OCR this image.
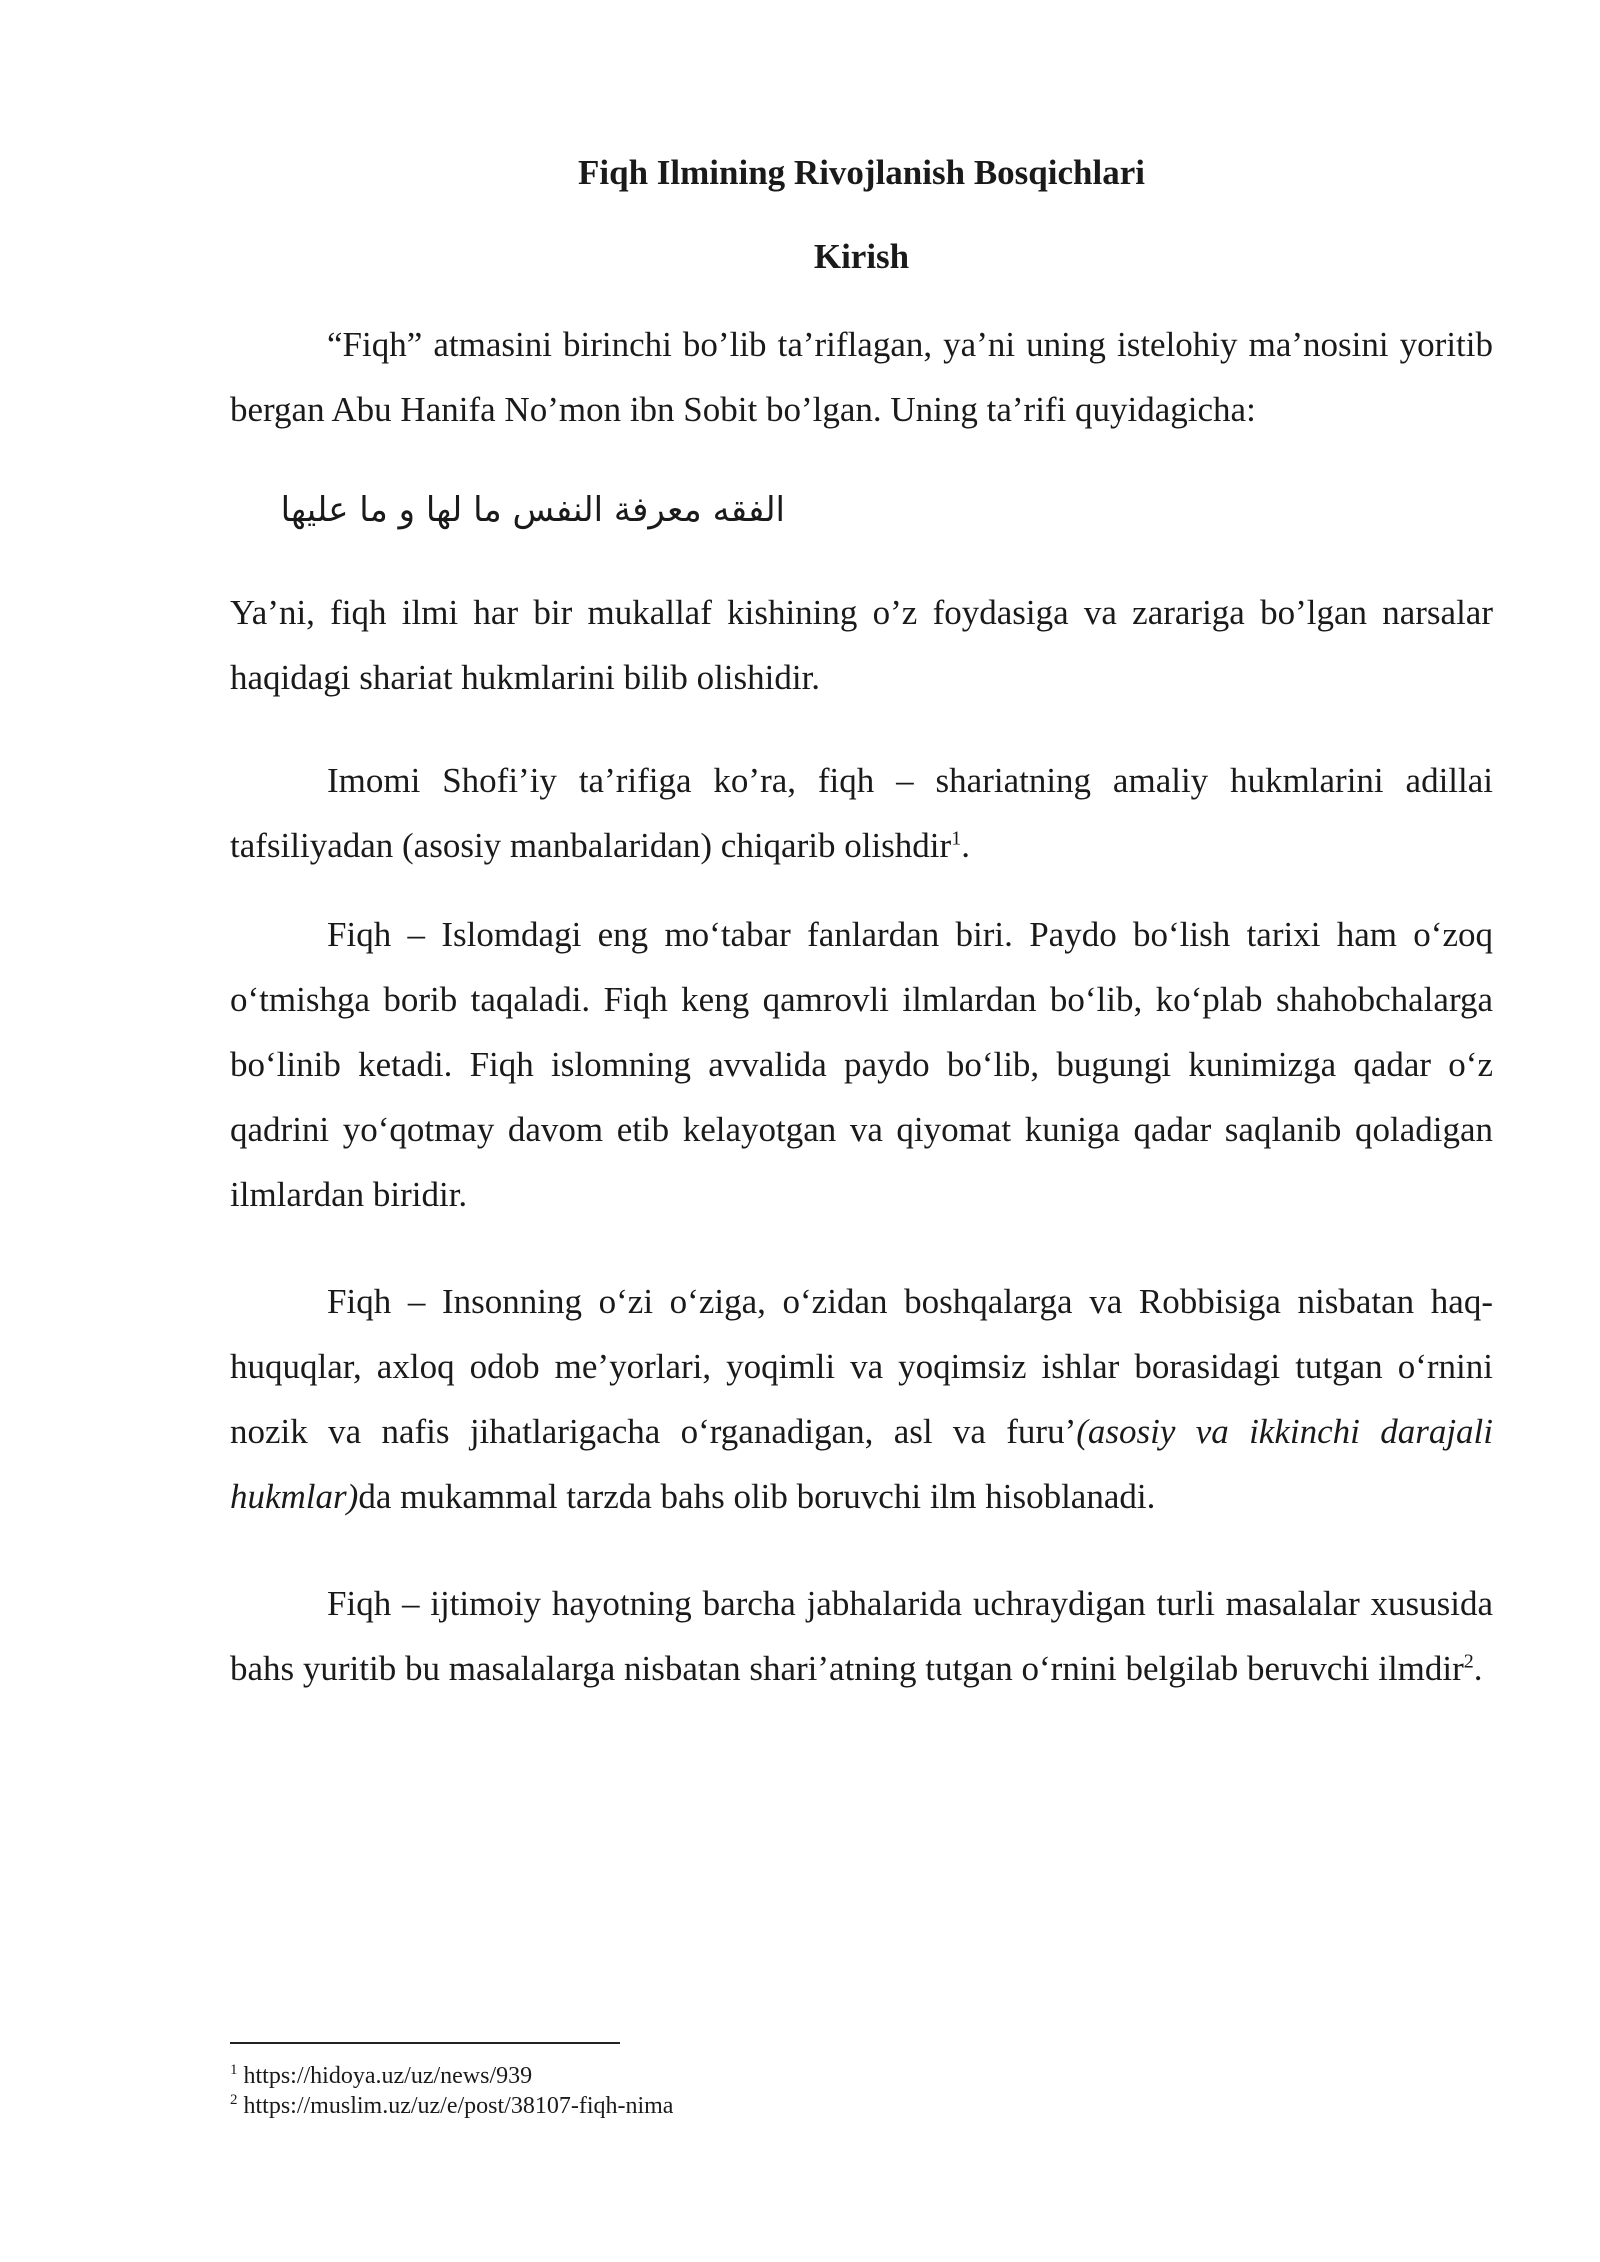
Fiqh Ilmining Rivojlanish Bosqichlari
Kirish

“Fiqh” atmasini birinchi bo’lib ta’riflagan, ya’ni uning istelohiy ma’nosini yoritib bergan Abu Hanifa No’mon ibn Sobit bo’lgan. Uning ta’rifi quyidagicha:

الفقه معرفة النفس ما لها و ما عليها

Ya’ni, fiqh ilmi har bir mukallaf kishining o’z foydasiga va zarariga bo’lgan narsalar haqidagi shariat hukmlarini bilib olishidir.

Imomi Shofi’iy ta’rifiga ko’ra, fiqh – shariatning amaliy hukmlarini adillai tafsiliyadan (asosiy manbalaridan) chiqarib olishdir$^1$.

Fiqh – Islomdagi eng mo‘tabar fanlardan biri. Paydo bo‘lish tarixi ham o‘zoq o‘tmishga borib taqaladi. Fiqh keng qamrovli ilmlardan bo‘lib, ko‘plab shahobchalarga bo‘linib ketadi. Fiqh islomning avvalida paydo bo‘lib, bugungi kunimizga qadar o‘z qadrini yo‘qotmay davom etib kelayotgan va qiyomat kuniga qadar saqlanib qoladigan ilmlardan biridir.

Fiqh – Insonning o‘zi o‘ziga, o‘zidan boshqalarga va Robbisiga nisbatan haq-huquqlar, axloq odob me’yorlari, yoqimli va yoqimsiz ishlar borasidagi tutgan o‘rnini nozik va nafis jihatlarigacha o‘rganadigan, asl va furu’(asosiy va ikkinchi darajali hukmlar)da mukammal tarzda bahs olib boruvchi ilm hisoblanadi.

Fiqh – ijtimoiy hayotning barcha jabhalarida uchraydigan turli masalalar xususida bahs yuritib bu masalalarga nisbatan shari’atning tutgan o‘rnini belgilab beruvchi ilmdir$^2$.

$^1$ https://hidoya.uz/uz/news/939
$^2$ https://muslim.uz/uz/e/post/38107-fiqh-nima
